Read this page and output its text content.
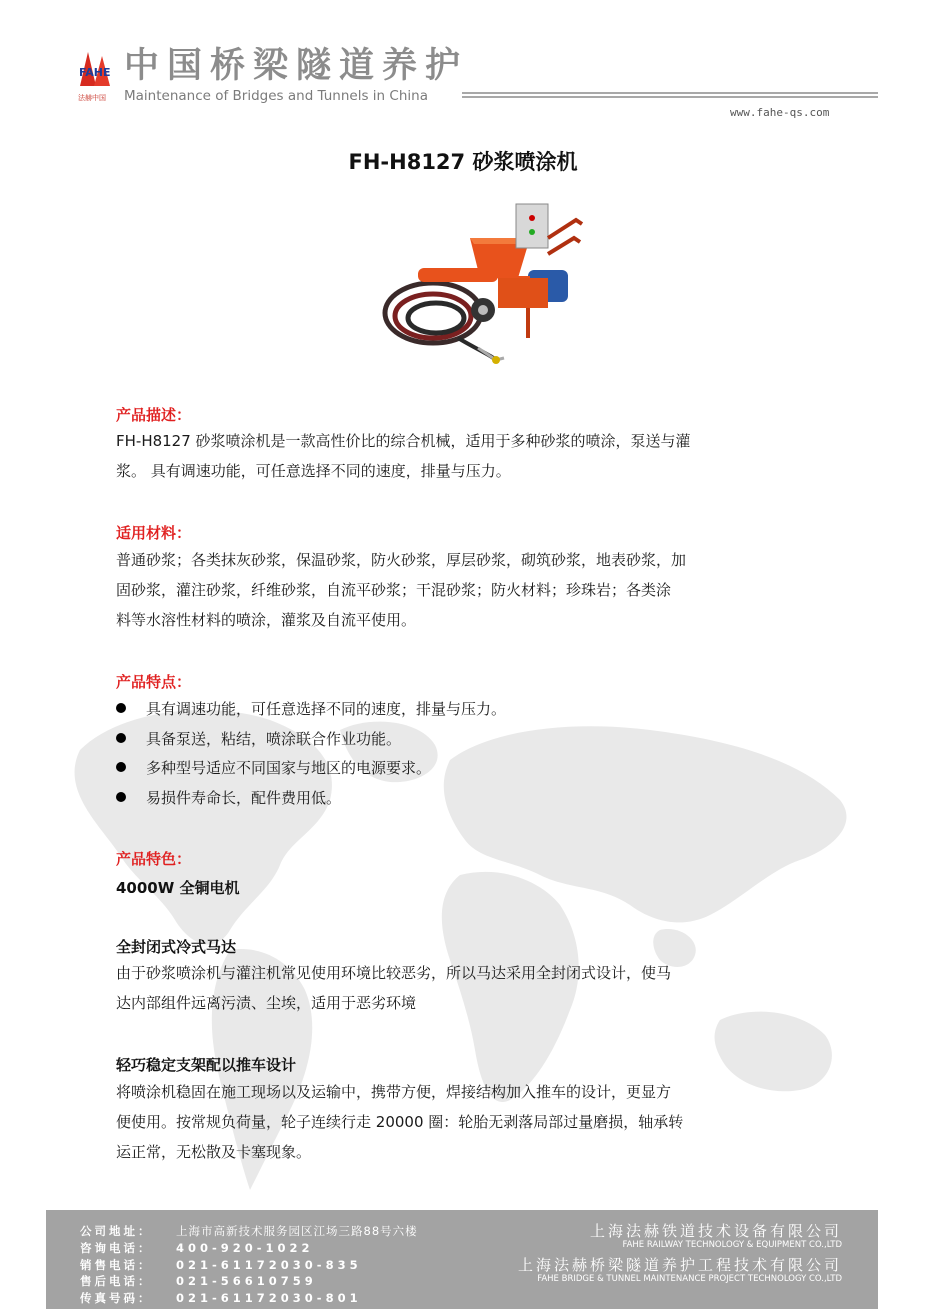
FAHE
法赫中国
中国桥梁隧道养护
Maintenance of Bridges and Tunnels in China
www.fahe-qs.com
FH-H8127 砂浆喷涂机
产品描述：
FH-H8127 砂浆喷涂机是一款高性价比的综合机械，适用于多种砂浆的喷涂，泵送与灌
浆。 具有调速功能，可任意选择不同的速度，排量与压力。
适用材料：
普通砂浆；各类抹灰砂浆，保温砂浆，防火砂浆，厚层砂浆，砌筑砂浆，地表砂浆，加
固砂浆，灌注砂浆，纤维砂浆，自流平砂浆；干混砂浆；防火材料；珍珠岩；各类涂
料等水溶性材料的喷涂，灌浆及自流平使用。
产品特点：
具有调速功能，可任意选择不同的速度，排量与压力。
具备泵送，粘结，喷涂联合作业功能。
多种型号适应不同国家与地区的电源要求。
易损件寿命长，配件费用低。
产品特色：
4000W 全铜电机
全封闭式冷式马达
由于砂浆喷涂机与灌注机常见使用环境比较恶劣，所以马达采用全封闭式设计，使马
达内部组件远离污渍、尘埃，适用于恶劣环境
轻巧稳定支架配以推车设计
将喷涂机稳固在施工现场以及运输中，携带方便，焊接结构加入推车的设计，更显方
便使用。按常规负荷量，轮子连续行走 20000 圈：轮胎无剥落局部过量磨损，轴承转
运正常，无松散及卡塞现象。
公司地址： 上海市高新技术服务园区江场三路88号六楼
咨询电话： 400-920-1022
销售电话： 021-61172030-835
售后电话： 021-56610759
传真号码： 021-61172030-801
上海法赫铁道技术设备有限公司
FAHE RAILWAY TECHNOLOGY & EQUIPMENT CO.,LTD
上海法赫桥梁隧道养护工程技术有限公司
FAHE BRIDGE & TUNNEL MAINTENANCE PROJECT TECHNOLOGY CO.,LTD
